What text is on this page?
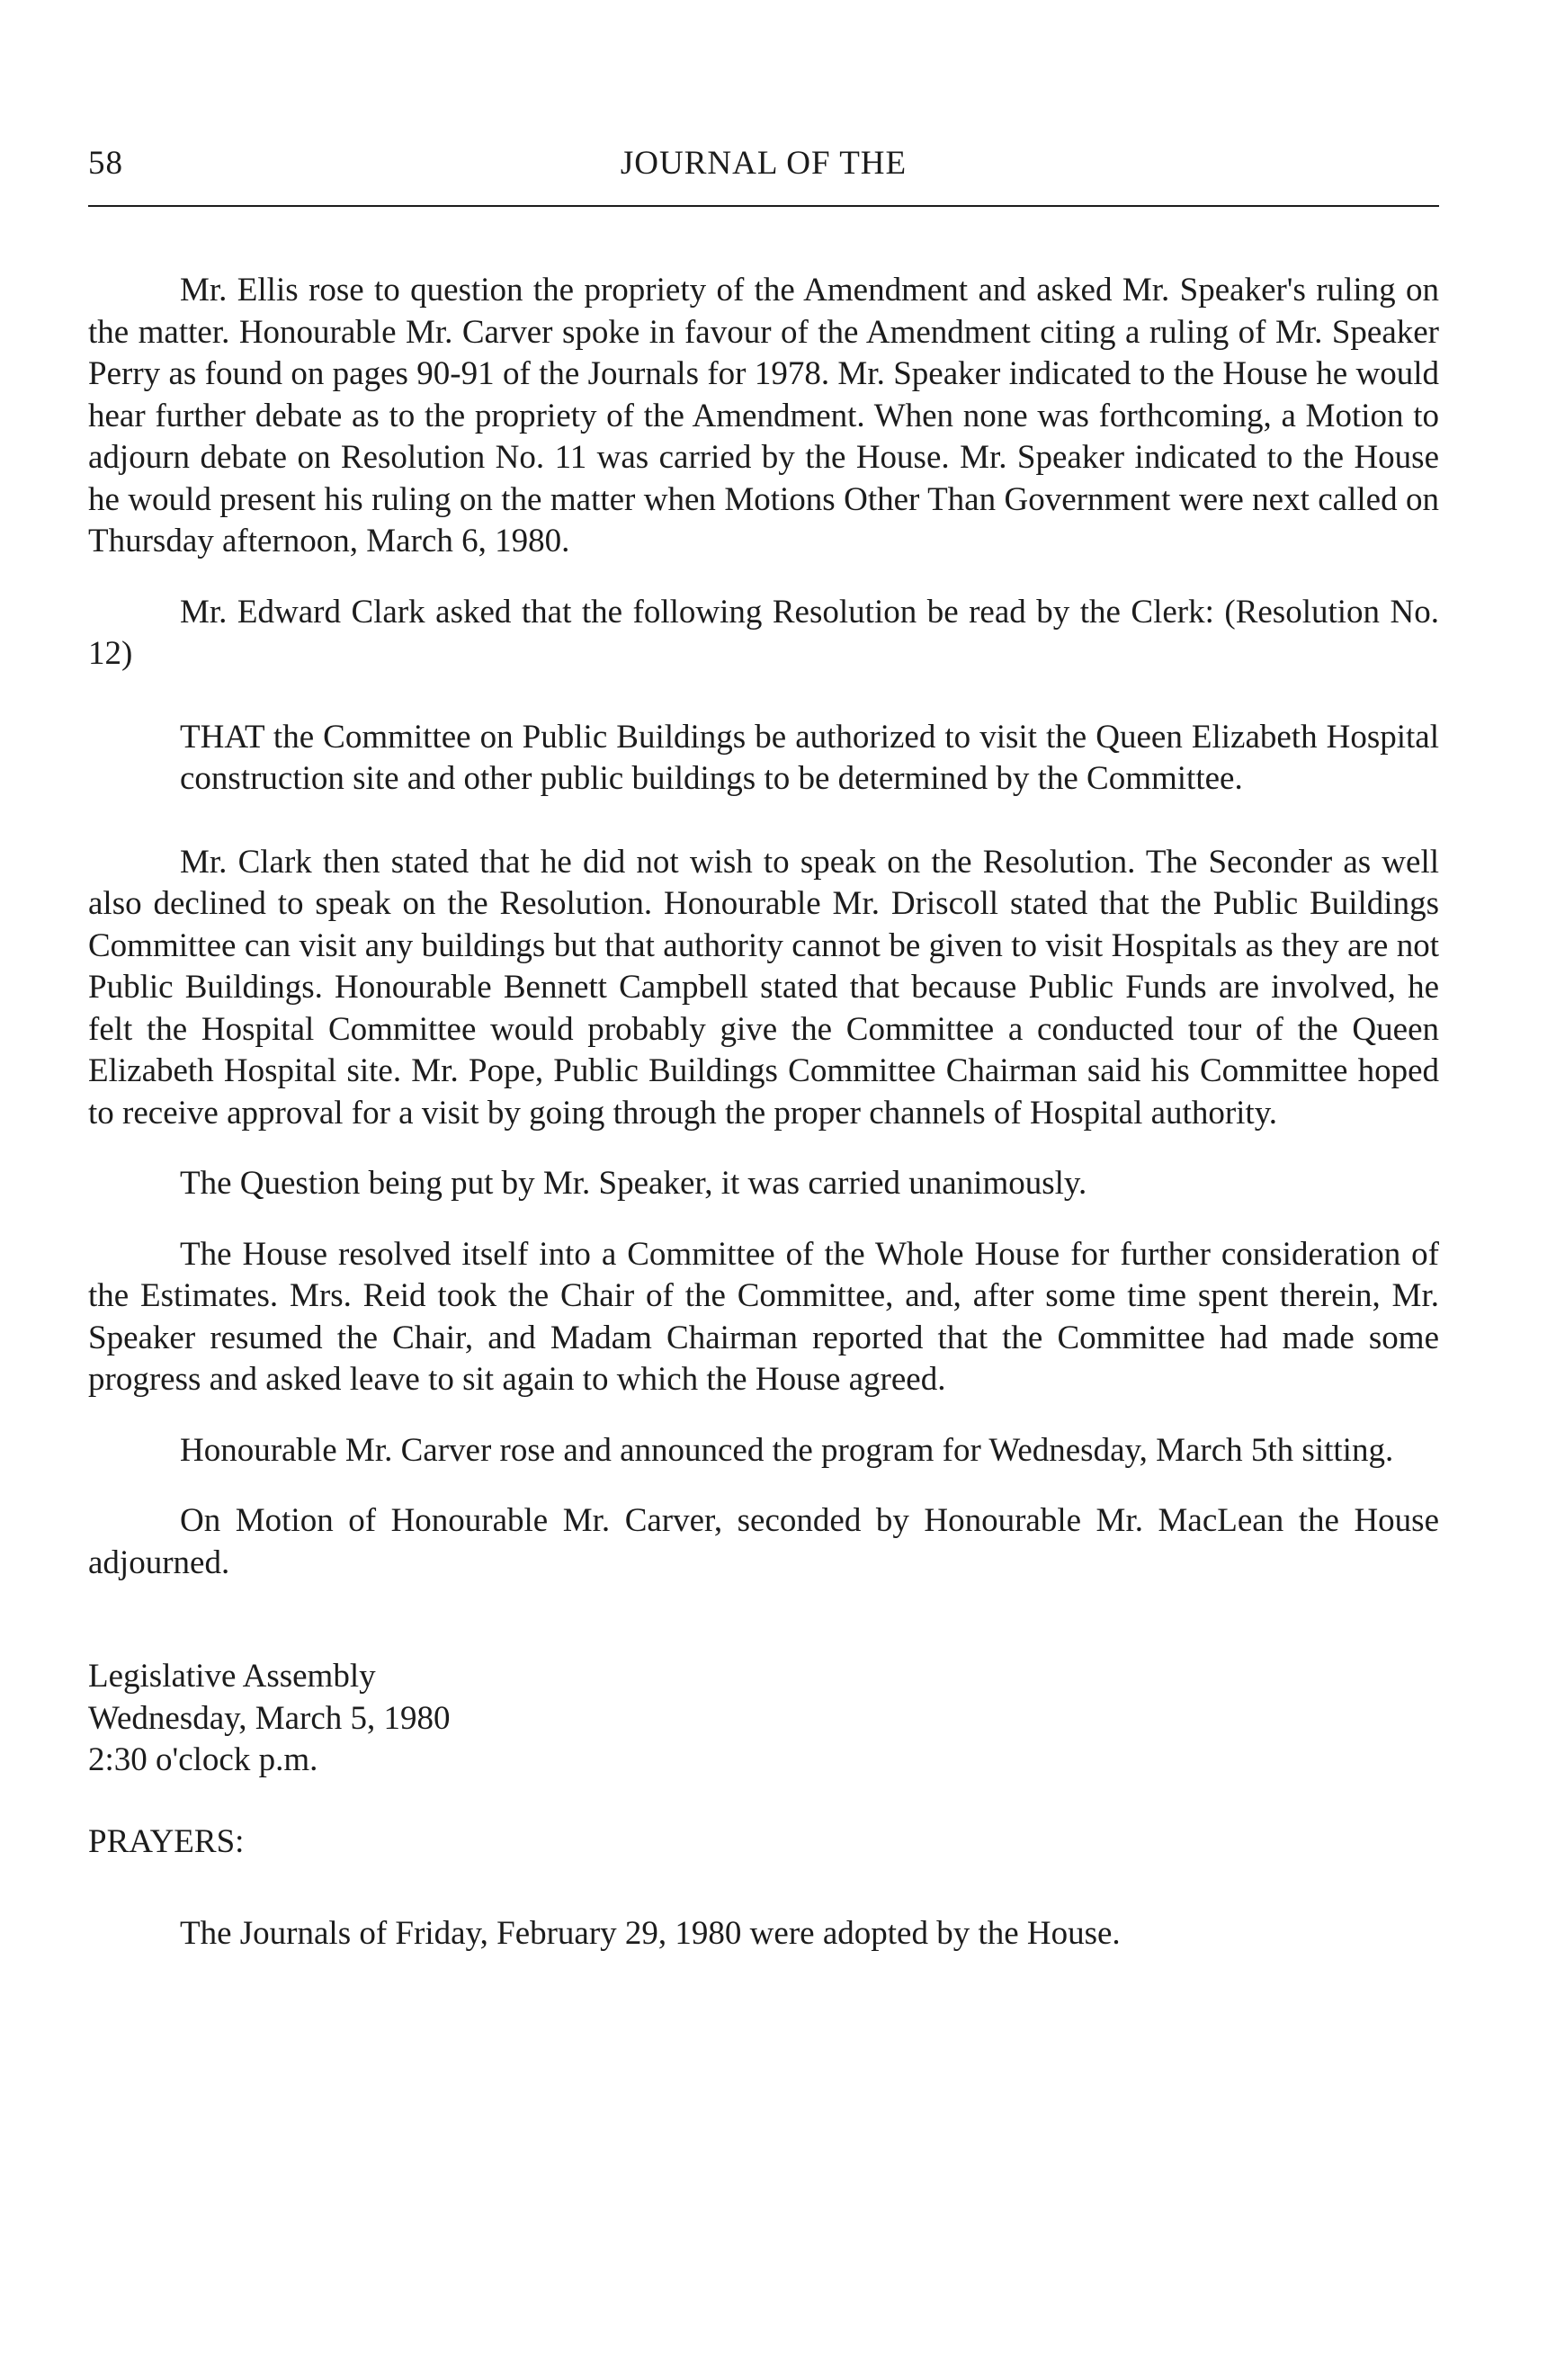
58	JOURNAL OF THE

Mr. Ellis rose to question the propriety of the Amendment and asked Mr. Speaker's ruling on the matter. Honourable Mr. Carver spoke in favour of the Amendment citing a ruling of Mr. Speaker Perry as found on pages 90-91 of the Journals for 1978. Mr. Speaker indicated to the House he would hear further debate as to the propriety of the Amendment. When none was forthcoming, a Motion to adjourn debate on Resolution No. 11 was carried by the House. Mr. Speaker indicated to the House he would present his ruling on the matter when Motions Other Than Government were next called on Thursday afternoon, March 6, 1980.

Mr. Edward Clark asked that the following Resolution be read by the Clerk: (Resolution No. 12)

THAT the Committee on Public Buildings be authorized to visit the Queen Elizabeth Hospital construction site and other public buildings to be determined by the Committee.

Mr. Clark then stated that he did not wish to speak on the Resolution. The Seconder as well also declined to speak on the Resolution. Honourable Mr. Driscoll stated that the Public Buildings Committee can visit any buildings but that authority cannot be given to visit Hospitals as they are not Public Buildings. Honourable Bennett Campbell stated that because Public Funds are involved, he felt the Hospital Committee would probably give the Committee a conducted tour of the Queen Elizabeth Hospital site. Mr. Pope, Public Buildings Committee Chairman said his Committee hoped to receive approval for a visit by going through the proper channels of Hospital authority.

The Question being put by Mr. Speaker, it was carried unanimously.

The House resolved itself into a Committee of the Whole House for further consideration of the Estimates. Mrs. Reid took the Chair of the Committee, and, after some time spent therein, Mr. Speaker resumed the Chair, and Madam Chairman reported that the Committee had made some progress and asked leave to sit again to which the House agreed.

Honourable Mr. Carver rose and announced the program for Wednesday, March 5th sitting.

On Motion of Honourable Mr. Carver, seconded by Honourable Mr. MacLean the House adjourned.

Legislative Assembly
Wednesday, March 5, 1980
2:30 o'clock p.m.

PRAYERS:

The Journals of Friday, February 29, 1980 were adopted by the House.
